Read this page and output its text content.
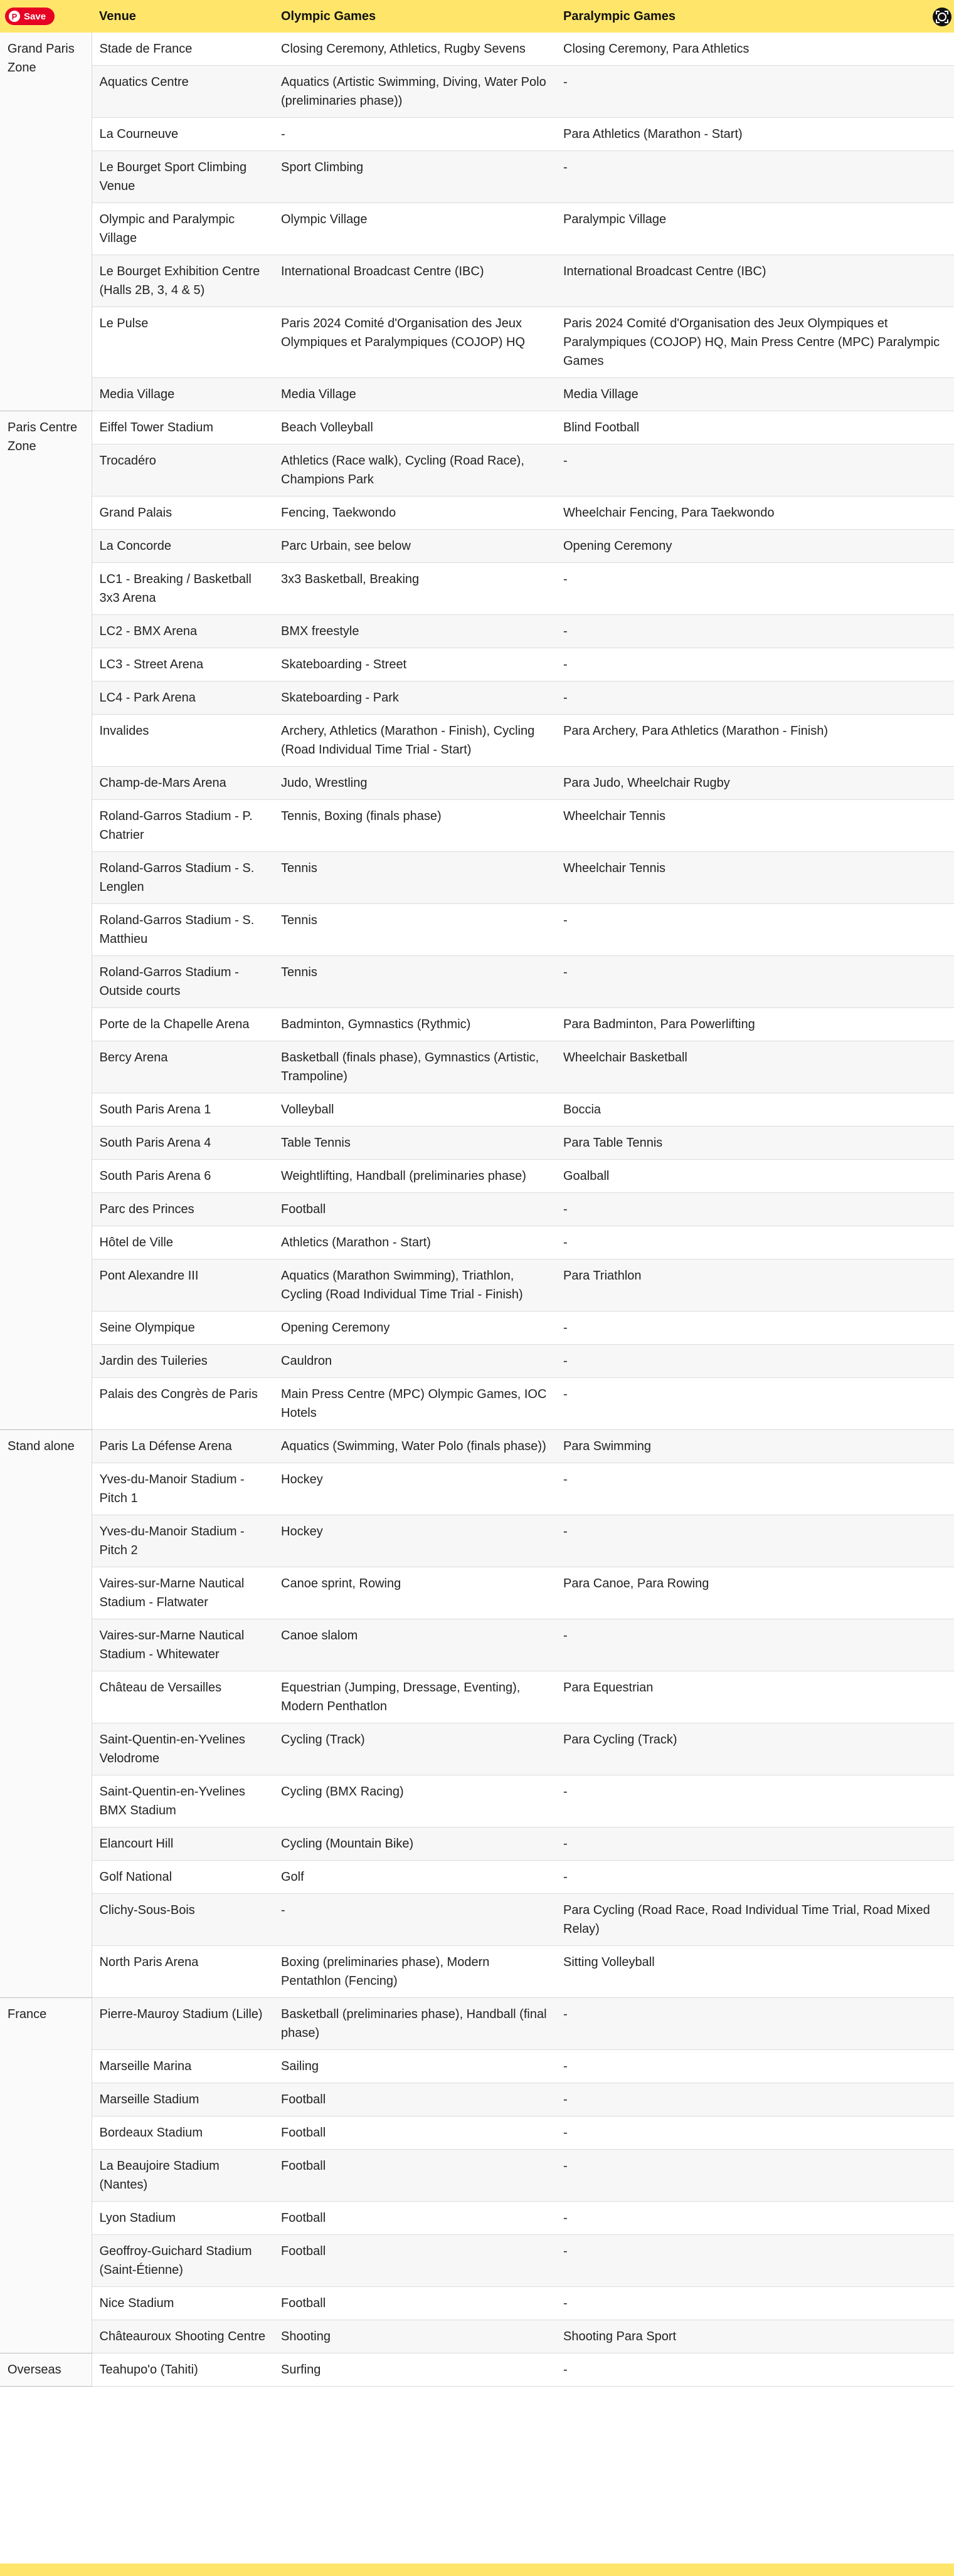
	Venue	Olympic Games	Paralympic Games
Grand Paris Zone	Stade de France	Closing Ceremony, Athletics, Rugby Sevens	Closing Ceremony, Para Athletics
	Aquatics Centre	Aquatics (Artistic Swimming, Diving, Water Polo (preliminaries phase))	-
	La Courneuve	-	Para Athletics (Marathon - Start)
	Le Bourget Sport Climbing Venue	Sport Climbing	-
	Olympic and Paralympic Village	Olympic Village	Paralympic Village
	Le Bourget Exhibition Centre (Halls 2B, 3, 4 & 5)	International Broadcast Centre (IBC)	International Broadcast Centre (IBC)
	Le Pulse	Paris 2024 Comité d'Organisation des Jeux Olympiques et Paralympiques (COJOP) HQ	Paris 2024 Comité d'Organisation des Jeux Olympiques et Paralympiques (COJOP) HQ, Main Press Centre (MPC) Paralympic Games
	Media Village	Media Village	Media Village
Paris Centre Zone	Eiffel Tower Stadium	Beach Volleyball	Blind Football
	Trocadéro	Athletics (Race walk), Cycling (Road Race), Champions Park	-
	Grand Palais	Fencing, Taekwondo	Wheelchair Fencing, Para Taekwondo
	La Concorde	Parc Urbain, see below	Opening Ceremony
	LC1 - Breaking / Basketball 3x3 Arena	3x3 Basketball, Breaking	-
	LC2 - BMX Arena	BMX freestyle	-
	LC3 - Street Arena	Skateboarding - Street	-
	LC4 - Park Arena	Skateboarding - Park	-
	Invalides	Archery, Athletics (Marathon - Finish), Cycling (Road Individual Time Trial - Start)	Para Archery, Para Athletics (Marathon - Finish)
	Champ-de-Mars Arena	Judo, Wrestling	Para Judo, Wheelchair Rugby
	Roland-Garros Stadium - P. Chatrier	Tennis, Boxing (finals phase)	Wheelchair Tennis
	Roland-Garros Stadium - S. Lenglen	Tennis	Wheelchair Tennis
	Roland-Garros Stadium - S. Matthieu	Tennis	-
	Roland-Garros Stadium - Outside courts	Tennis	-
	Porte de la Chapelle Arena	Badminton, Gymnastics (Rythmic)	Para Badminton, Para Powerlifting
	Bercy Arena	Basketball (finals phase), Gymnastics (Artistic, Trampoline)	Wheelchair Basketball
	South Paris Arena 1	Volleyball	Boccia
	South Paris Arena 4	Table Tennis	Para Table Tennis
	South Paris Arena 6	Weightlifting, Handball (preliminaries phase)	Goalball
	Parc des Princes	Football	-
	Hôtel de Ville	Athletics (Marathon - Start)	-
	Pont Alexandre III	Aquatics (Marathon Swimming), Triathlon, Cycling (Road Individual Time Trial - Finish)	Para Triathlon
	Seine Olympique	Opening Ceremony	-
	Jardin des Tuileries	Cauldron	-
	Palais des Congrès de Paris	Main Press Centre (MPC) Olympic Games, IOC Hotels	-
Stand alone	Paris La Défense Arena	Aquatics (Swimming, Water Polo (finals phase))	Para Swimming
	Yves-du-Manoir Stadium - Pitch 1	Hockey	-
	Yves-du-Manoir Stadium - Pitch 2	Hockey	-
	Vaires-sur-Marne Nautical Stadium - Flatwater	Canoe sprint, Rowing	Para Canoe, Para Rowing
	Vaires-sur-Marne Nautical Stadium - Whitewater	Canoe slalom	-
	Château de Versailles	Equestrian (Jumping, Dressage, Eventing), Modern Penthatlon	Para Equestrian
	Saint-Quentin-en-Yvelines Velodrome	Cycling (Track)	Para Cycling (Track)
	Saint-Quentin-en-Yvelines BMX Stadium	Cycling (BMX Racing)	-
	Elancourt Hill	Cycling (Mountain Bike)	-
	Golf National	Golf	-
	Clichy-Sous-Bois	-	Para Cycling (Road Race, Road Individual Time Trial, Road Mixed Relay)
	North Paris Arena	Boxing (preliminaries phase), Modern Pentathlon (Fencing)	Sitting Volleyball
France	Pierre-Mauroy Stadium (Lille)	Basketball (preliminaries phase), Handball (final phase)	-
	Marseille Marina	Sailing	-
	Marseille Stadium	Football	-
	Bordeaux Stadium	Football	-
	La Beaujoire Stadium (Nantes)	Football	-
	Lyon Stadium	Football	-
	Geoffroy-Guichard Stadium (Saint-Étienne)	Football	-
	Nice Stadium	Football	-
	Châteauroux Shooting Centre	Shooting	Shooting Para Sport
Overseas	Teahupo'o (Tahiti)	Surfing	-
P Save
